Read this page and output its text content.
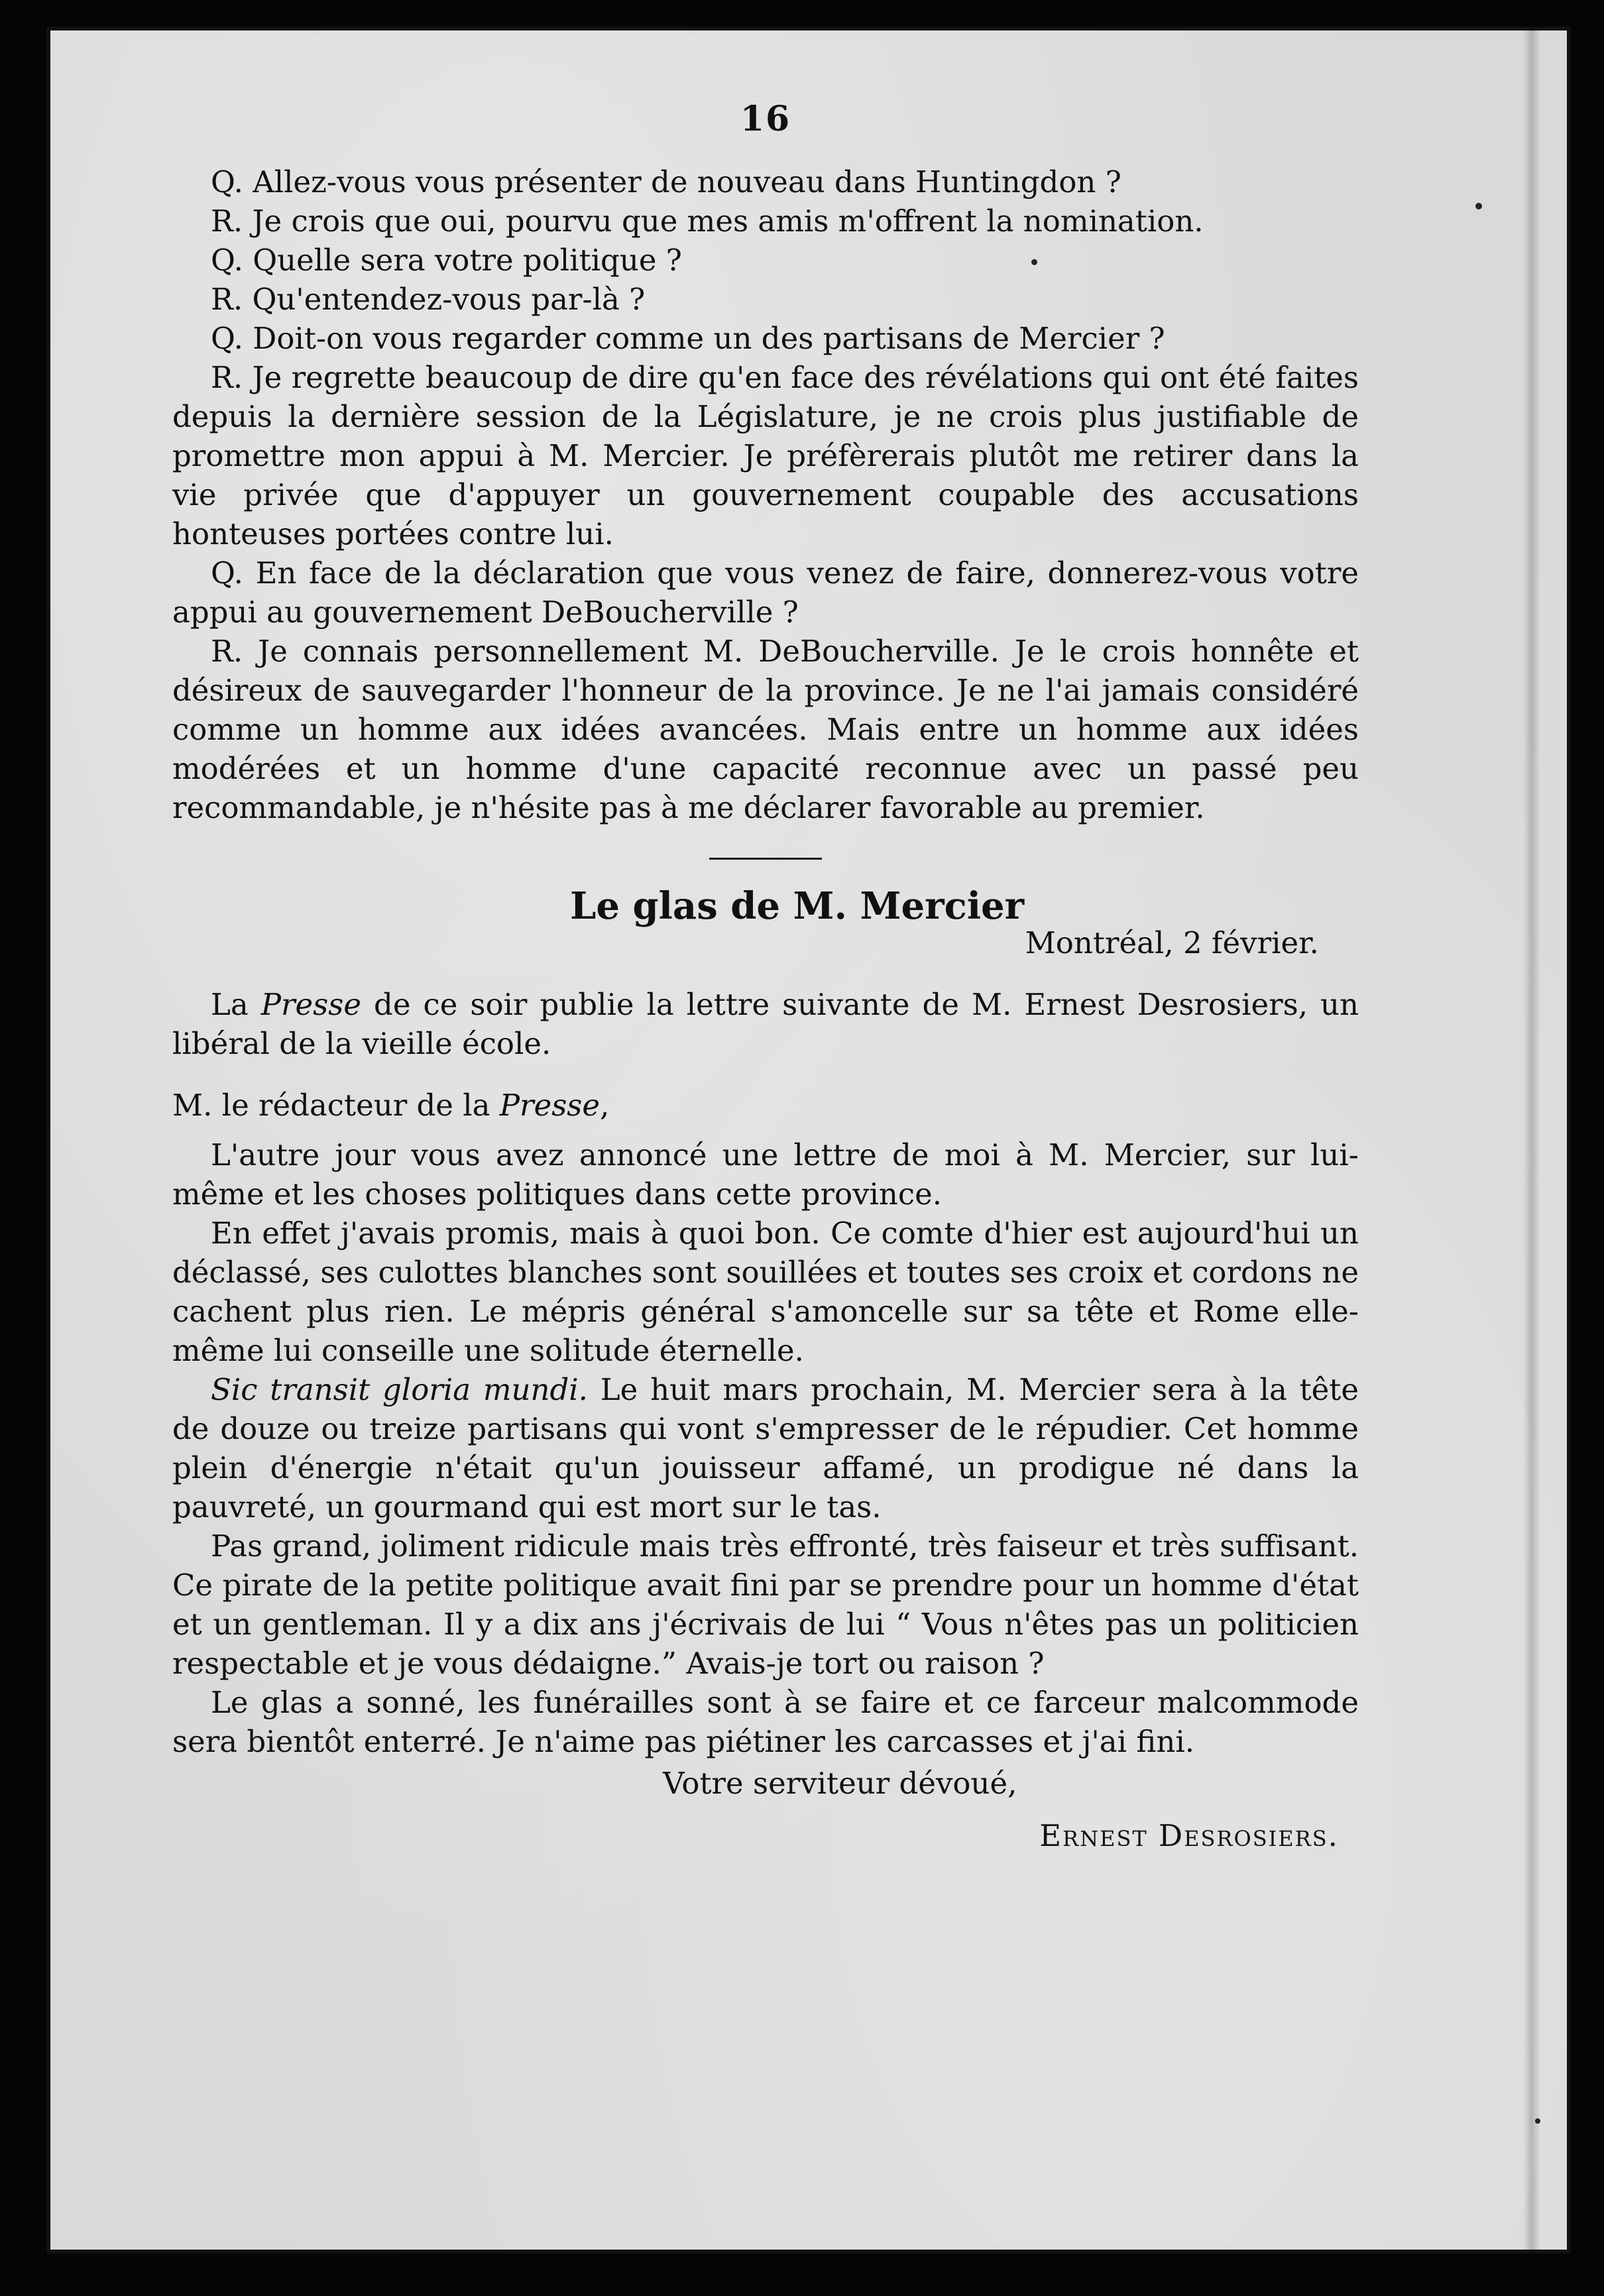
16

Q. Allez-vous vous présenter de nouveau dans Huntingdon ?

R. Je crois que oui, pourvu que mes amis m'offrent la nomination.

Q. Quelle sera votre politique ?

R. Qu'entendez-vous par-là ?

Q. Doit-on vous regarder comme un des partisans de Mercier ?

R. Je regrette beaucoup de dire qu'en face des révélations qui ont été faites depuis la dernière session de la Législature, je ne crois plus justifiable de promettre mon appui à M. Mercier. Je préfèrerais plutôt me retirer dans la vie privée que d'appuyer un gouvernement coupable des accusations honteuses portées contre lui.

Q. En face de la déclaration que vous venez de faire, donnerez-vous votre appui au gouvernement DeBoucherville ?

R. Je connais personnellement M. DeBoucherville. Je le crois honnête et désireux de sauvegarder l'honneur de la province. Je ne l'ai jamais considéré comme un homme aux idées avancées. Mais entre un homme aux idées modérées et un homme d'une capacité reconnue avec un passé peu recommandable, je n'hésite pas à me déclarer favorable au premier.

Le glas de M. Mercier
Montréal, 2 février.

La Presse de ce soir publie la lettre suivante de M. Ernest Desrosiers, un libéral de la vieille école.

M. le rédacteur de la Presse,

L'autre jour vous avez annoncé une lettre de moi à M. Mercier, sur lui-même et les choses politiques dans cette province.

En effet j'avais promis, mais à quoi bon. Ce comte d'hier est aujourd'hui un déclassé, ses culottes blanches sont souillées et toutes ses croix et cordons ne cachent plus rien. Le mépris général s'amoncelle sur sa tête et Rome elle-même lui conseille une solitude éternelle.

Sic transit gloria mundi. Le huit mars prochain, M. Mercier sera à la tête de douze ou treize partisans qui vont s'empresser de le répudier. Cet homme plein d'énergie n'était qu'un jouisseur affamé, un prodigue né dans la pauvreté, un gourmand qui est mort sur le tas.

Pas grand, joliment ridicule mais très effronté, très faiseur et très suffisant. Ce pirate de la petite politique avait fini par se prendre pour un homme d'état et un gentleman. Il y a dix ans j'écrivais de lui “ Vous n'êtes pas un politicien respectable et je vous dédaigne.” Avais-je tort ou raison ?

Le glas a sonné, les funérailles sont à se faire et ce farceur malcommode sera bientôt enterré. Je n'aime pas piétiner les carcasses et j'ai fini.

Votre serviteur dévoué,
Ernest Desrosiers.
